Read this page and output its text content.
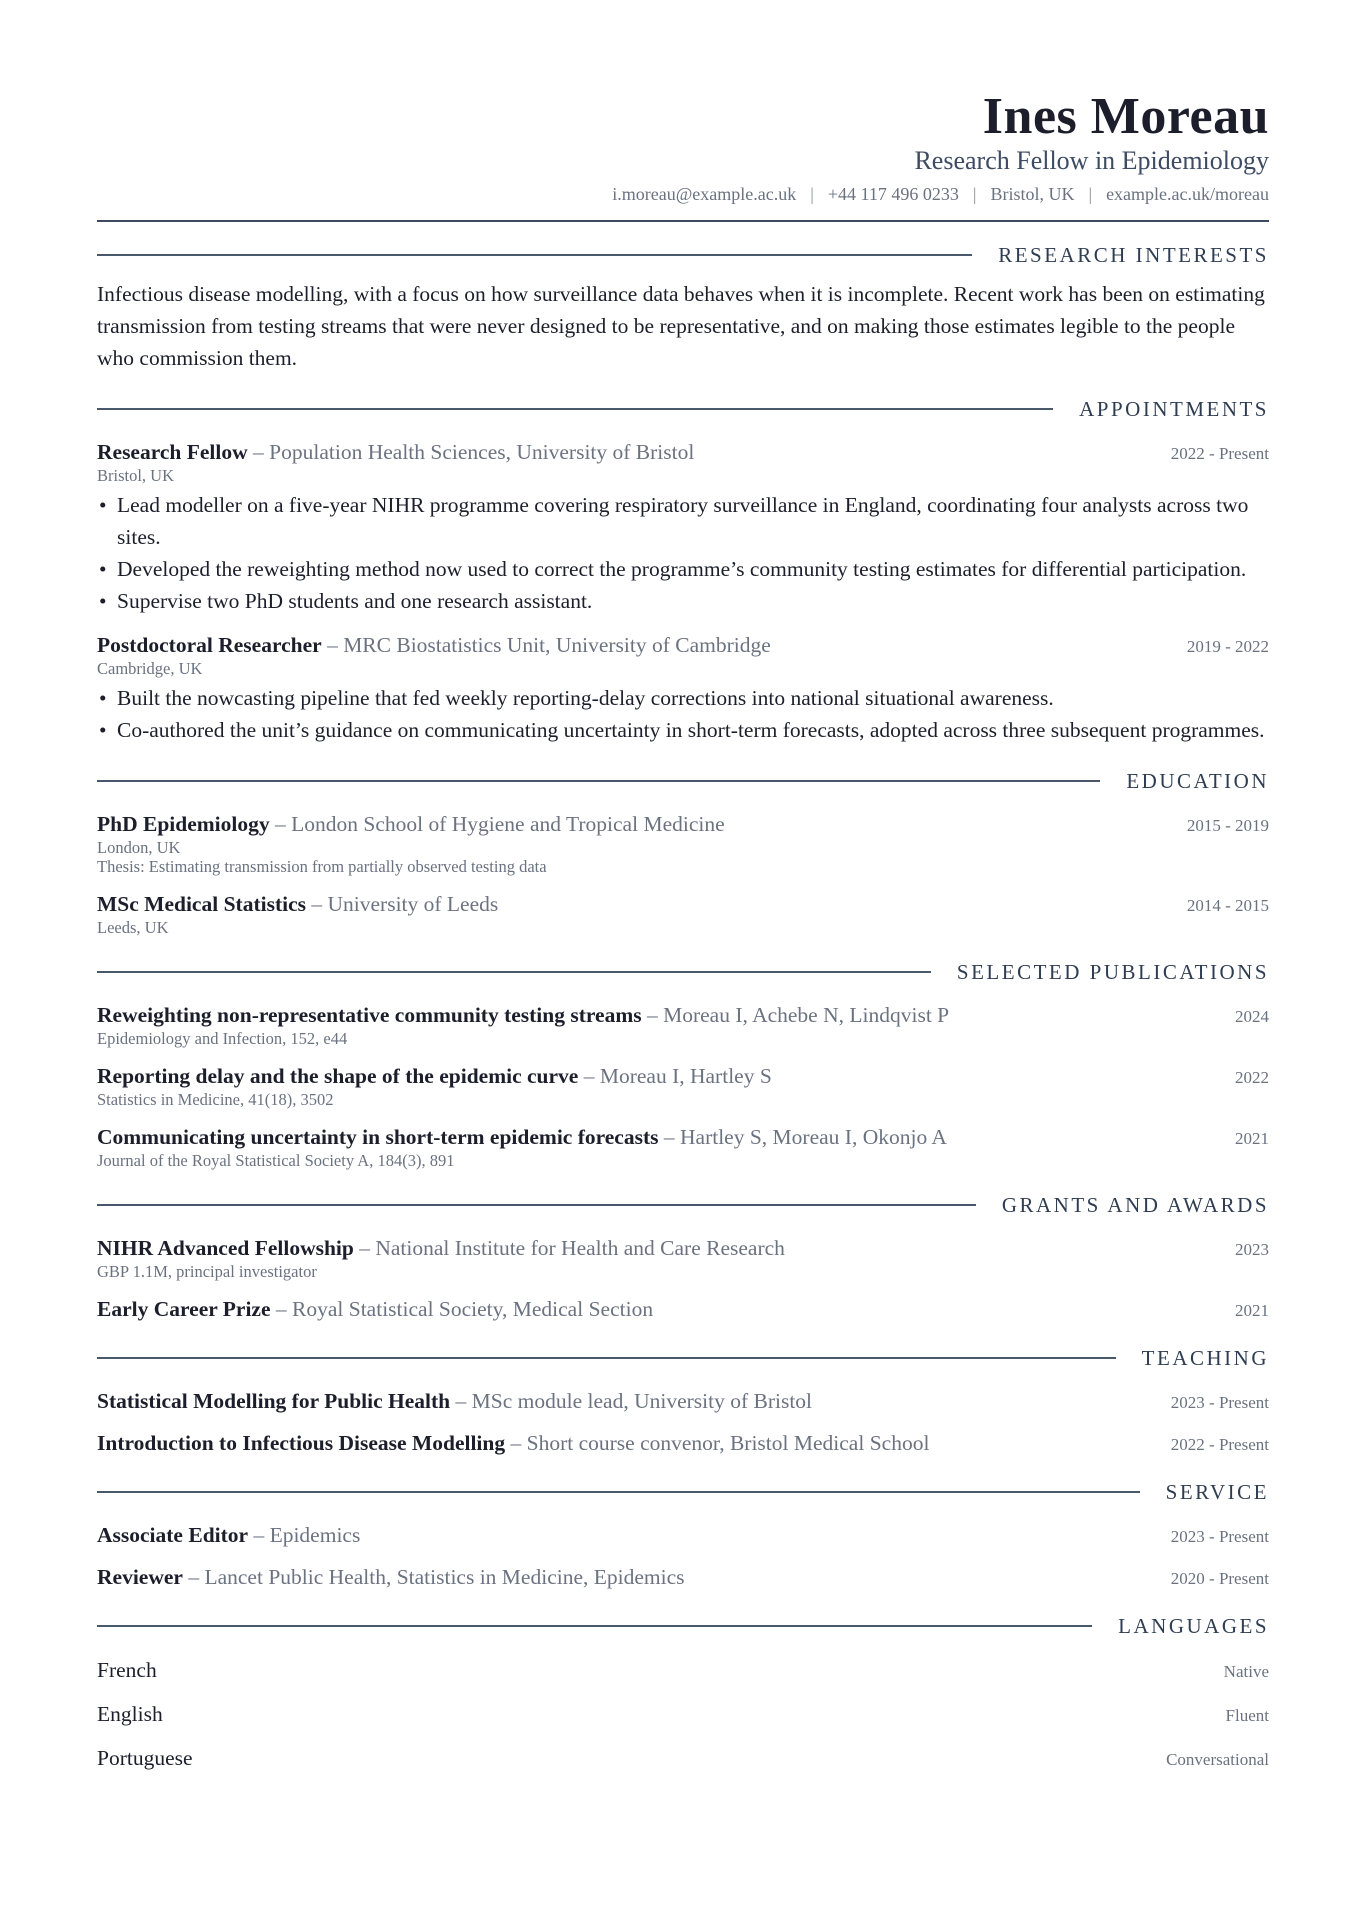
Ines Moreau
Research Fellow in Epidemiology
i.moreau@example.ac.uk | +44 117 496 0233 | Bristol, UK | example.ac.uk/moreau
RESEARCH INTERESTS
Infectious disease modelling, with a focus on how surveillance data behaves when it is incomplete. Recent work has been on estimating transmission from testing streams that were never designed to be representative, and on making those estimates legible to the people who commission them.
APPOINTMENTS
Research Fellow – Population Health Sciences, University of Bristol	2022 - Present
Bristol, UK
• Lead modeller on a five-year NIHR programme covering respiratory surveillance in England, coordinating four analysts across two sites.
• Developed the reweighting method now used to correct the programme’s community testing estimates for differential participation.
• Supervise two PhD students and one research assistant.
Postdoctoral Researcher – MRC Biostatistics Unit, University of Cambridge	2019 - 2022
Cambridge, UK
• Built the nowcasting pipeline that fed weekly reporting-delay corrections into national situational awareness.
• Co-authored the unit’s guidance on communicating uncertainty in short-term forecasts, adopted across three subsequent programmes.
EDUCATION
PhD Epidemiology – London School of Hygiene and Tropical Medicine	2015 - 2019
London, UK
Thesis: Estimating transmission from partially observed testing data
MSc Medical Statistics – University of Leeds	2014 - 2015
Leeds, UK
SELECTED PUBLICATIONS
Reweighting non-representative community testing streams – Moreau I, Achebe N, Lindqvist P	2024
Epidemiology and Infection, 152, e44
Reporting delay and the shape of the epidemic curve – Moreau I, Hartley S	2022
Statistics in Medicine, 41(18), 3502
Communicating uncertainty in short-term epidemic forecasts – Hartley S, Moreau I, Okonjo A	2021
Journal of the Royal Statistical Society A, 184(3), 891
GRANTS AND AWARDS
NIHR Advanced Fellowship – National Institute for Health and Care Research	2023
GBP 1.1M, principal investigator
Early Career Prize – Royal Statistical Society, Medical Section	2021
TEACHING
Statistical Modelling for Public Health – MSc module lead, University of Bristol	2023 - Present
Introduction to Infectious Disease Modelling – Short course convenor, Bristol Medical School	2022 - Present
SERVICE
Associate Editor – Epidemics	2023 - Present
Reviewer – Lancet Public Health, Statistics in Medicine, Epidemics	2020 - Present
LANGUAGES
French	Native
English	Fluent
Portuguese	Conversational
